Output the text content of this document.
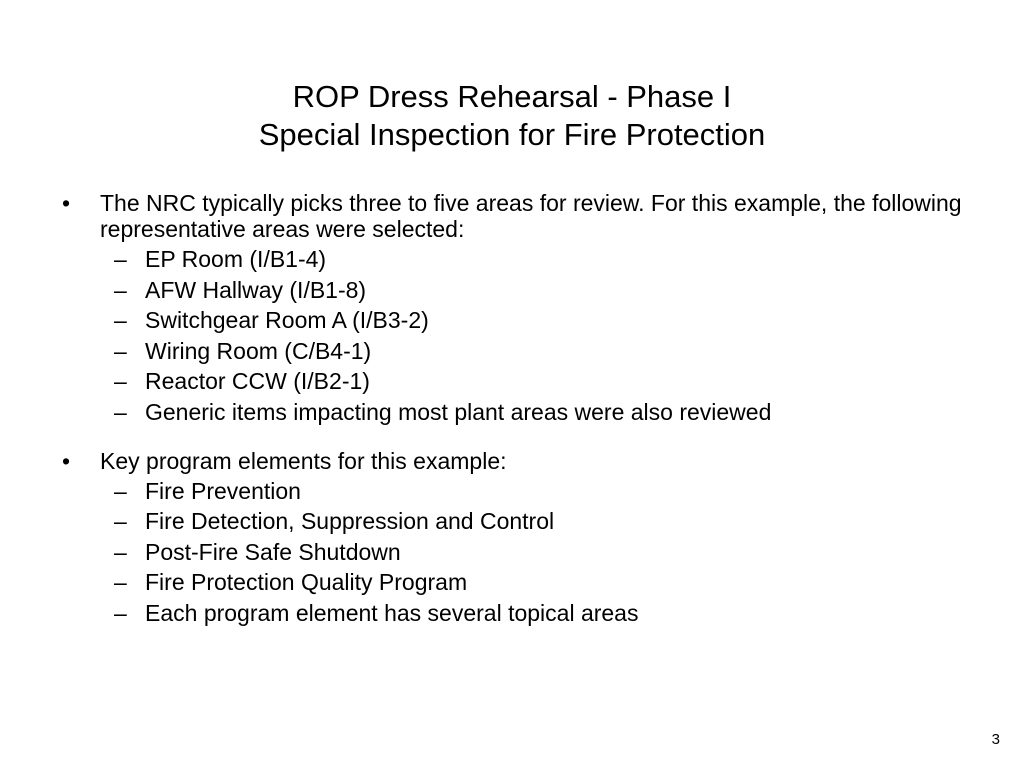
ROP Dress Rehearsal - Phase I
Special Inspection for Fire Protection
•	The NRC typically picks three to five areas for review. For this example, the following representative areas were selected:
– EP Room (I/B1-4)
– AFW Hallway (I/B1-8)
– Switchgear Room A (I/B3-2)
– Wiring Room (C/B4-1)
– Reactor CCW (I/B2-1)
– Generic items impacting most plant areas were also reviewed
•	Key program elements for this example:
– Fire Prevention
– Fire Detection, Suppression and Control
– Post-Fire Safe Shutdown
– Fire Protection Quality Program
– Each program element has several topical areas
3
